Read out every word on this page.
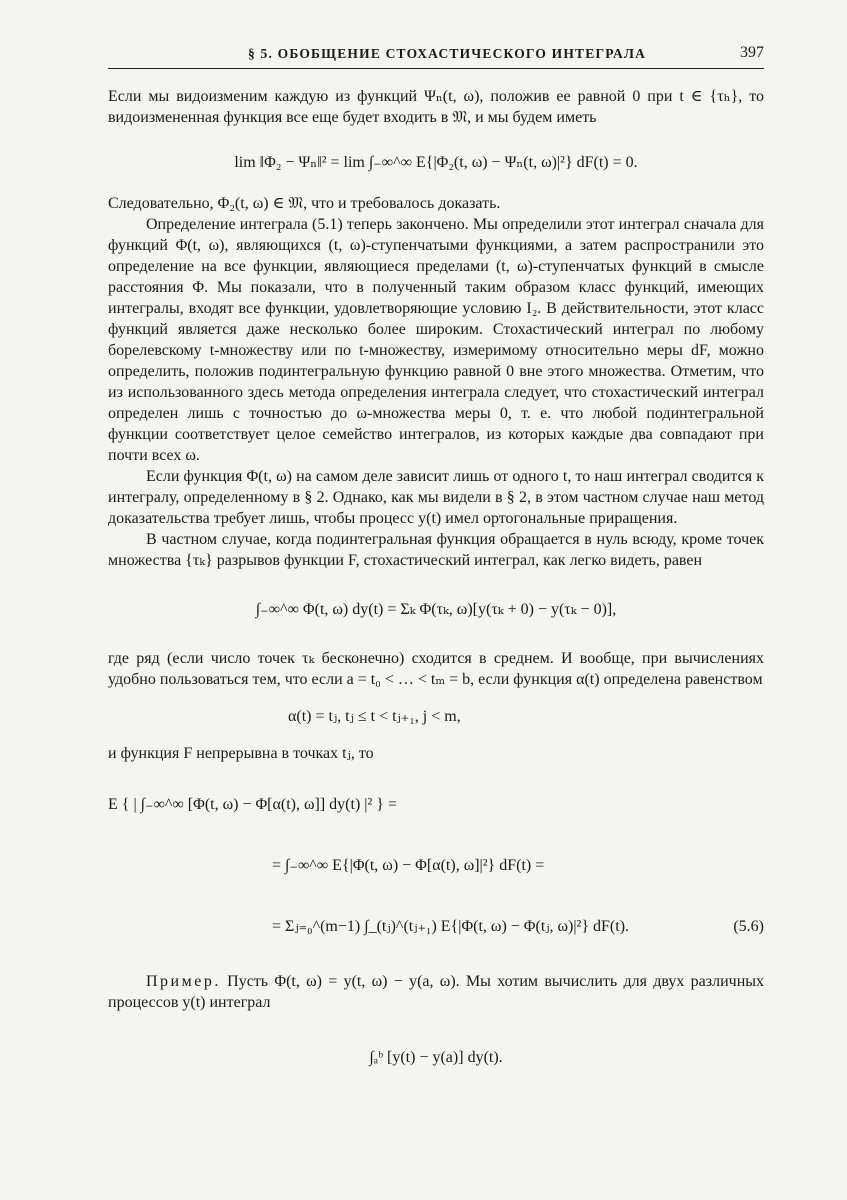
§ 5. ОБОБЩЕНИЕ СТОХАСТИЧЕСКОГО ИНТЕГРАЛА	397

Если мы видоизменим каждую из функций Ψₙ(t, ω), положив ее равной 0 при t ∈ {τₕ}, то видоизмененная функция все еще будет входить в 𝔐, и мы будем иметь

lim ‖Φ₂ − Ψₙ‖² = lim ∫₋∞^∞ E{|Φ₂(t, ω) − Ψₙ(t, ω)|²} dF(t) = 0.

Следовательно, Φ₂(t, ω) ∈ 𝔐, что и требовалось доказать.

Определение интеграла (5.1) теперь закончено. Мы определили этот интеграл сначала для функций Φ(t, ω), являющихся (t, ω)-ступенчатыми функциями, а затем распространили это определение на все функции, являющиеся пределами (t, ω)-ступенчатых функций в смысле расстояния Φ. Мы показали, что в полученный таким образом класс функций, имеющих интегралы, входят все функции, удовлетворяющие условию I₂. В действительности, этот класс функций является даже несколько более широким. Стохастический интеграл по любому борелевскому t-множеству или по t-множеству, измеримому относительно меры dF, можно определить, положив подинтегральную функцию равной 0 вне этого множества. Отметим, что из использованного здесь метода определения интеграла следует, что стохастический интеграл определен лишь с точностью до ω-множества меры 0, т. е. что любой подинтегральной функции соответствует целое семейство интегралов, из которых каждые два совпадают при почти всех ω.

Если функция Φ(t, ω) на самом деле зависит лишь от одного t, то наш интеграл сводится к интегралу, определенному в § 2. Однако, как мы видели в § 2, в этом частном случае наш метод доказательства требует лишь, чтобы процесс y(t) имел ортогональные приращения.

В частном случае, когда подинтегральная функция обращается в нуль всюду, кроме точек множества {τₖ} разрывов функции F, стохастический интеграл, как легко видеть, равен

∫₋∞^∞ Φ(t, ω) dy(t) = Σₖ Φ(τₖ, ω)[y(τₖ + 0) − y(τₖ − 0)],

где ряд (если число точек τₖ бесконечно) сходится в среднем. И вообще, при вычислениях удобно пользоваться тем, что если a = t₀ < … < tₘ = b, если функция α(t) определена равенством

α(t) = tⱼ, tⱼ ≤ t < tⱼ₊₁, j < m,

и функция F непрерывна в точках tⱼ, то

E { | ∫₋∞^∞ [Φ(t, ω) − Φ[α(t), ω]] dy(t) |² } =
= ∫₋∞^∞ E{|Φ(t, ω) − Φ[α(t), ω]|²} dF(t) =
= Σⱼ₌₀^(m−1) ∫_(tⱼ)^(tⱼ₊₁) E{|Φ(t, ω) − Φ(tⱼ, ω)|²} dF(t).	(5.6)

Пример. Пусть Φ(t, ω) = y(t, ω) − y(a, ω). Мы хотим вычислить для двух различных процессов y(t) интеграл

∫ₐᵇ [y(t) − y(a)] dy(t).
